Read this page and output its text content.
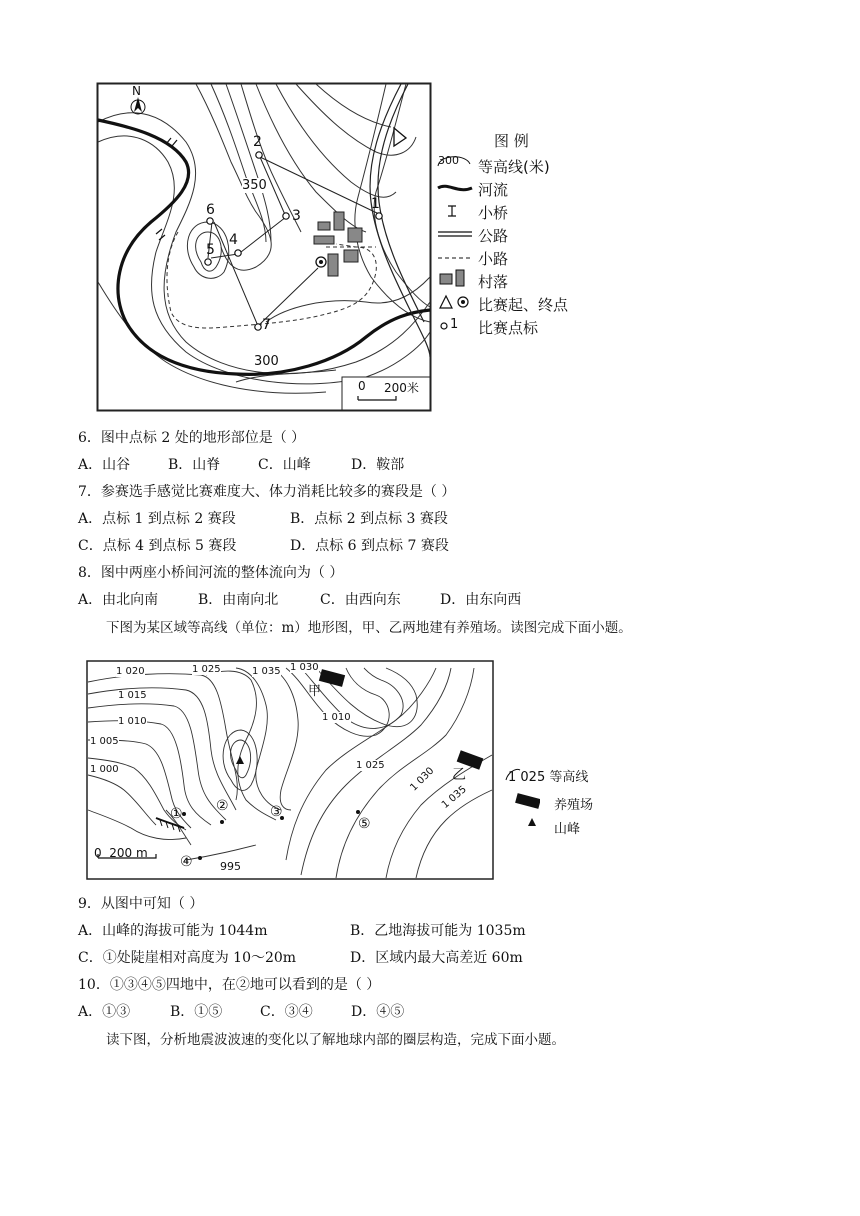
N
2
3
1
4
5
6
7
350
300
0 200米
图 例
300 等高线(米)
河流
小桥
公路
小路
村落
比赛起、终点
1 比赛点标
6．图中点标 2 处的地形部位是（ ）
A．山谷	B．山脊	C．山峰	D．鞍部
7．参赛选手感觉比赛难度大、体力消耗比较多的赛段是（ ）
A．点标 1 到点标 2 赛段	B．点标 2 到点标 3 赛段
C．点标 4 到点标 5 赛段	D．点标 6 到点标 7 赛段
8．图中两座小桥间河流的整体流向为（ ）
A．由北向南	B．由南向北	C．由西向东	D．由东向西
下图为某区域等高线（单位：m）地形图，甲、乙两地建有养殖场。读图完成下面小题。
1 020	1 025	1 035 1 030
1 015
1 010	1 010
1 005
1 000	1 025 1 030
1 035
995
甲
乙
① ②	③
④
⑤
0  200 m
1 025 等高线
养殖场
山峰
9．从图中可知（ ）
A．山峰的海拔可能为 1044m	B．乙地海拔可能为 1035m
C．①处陡崖相对高度为 10～20m	D．区域内最大高差近 60m
10．①③④⑤四地中，在②地可以看到的是（ ）
A．①③	B．①⑤	C．③④	D．④⑤
读下图，分析地震波波速的变化以了解地球内部的圈层构造，完成下面小题。
